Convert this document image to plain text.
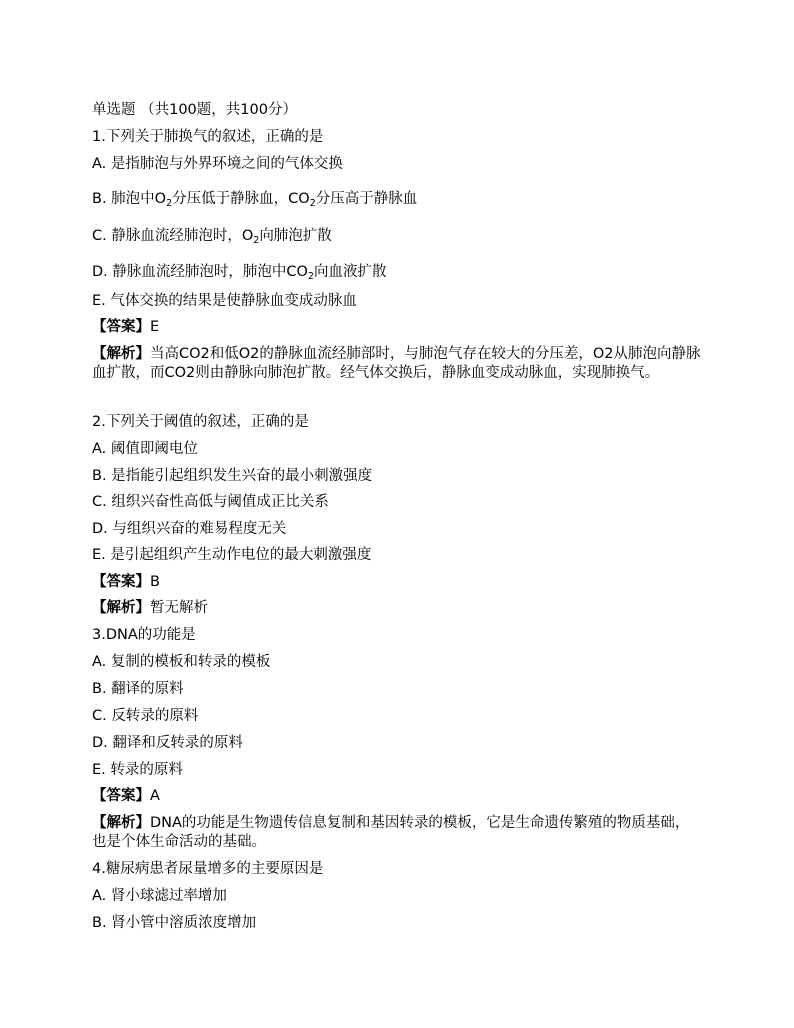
单选题 （共100题，共100分）
1.下列关于肺换气的叙述，正确的是
A. 是指肺泡与外界环境之间的气体交换
B. 肺泡中$O_2$分压低于静脉血，$CO_2$分压高于静脉血
C. 静脉血流经肺泡时，$O_2$向肺泡扩散
D. 静脉血流经肺泡时，肺泡中$CO_2$向血液扩散
E. 气体交换的结果是使静脉血变成动脉血
【答案】E
【解析】当高CO2和低O2的静脉血流经肺部时，与肺泡气存在较大的分压差，O2从肺泡向静脉血扩散，而CO2则由静脉向肺泡扩散。经气体交换后，静脉血变成动脉血，实现肺换气。
2.下列关于阈值的叙述，正确的是
A. 阈值即阈电位
B. 是指能引起组织发生兴奋的最小刺激强度
C. 组织兴奋性高低与阈值成正比关系
D. 与组织兴奋的难易程度无关
E. 是引起组织产生动作电位的最大刺激强度
【答案】B
【解析】暂无解析
3.DNA的功能是
A. 复制的模板和转录的模板
B. 翻译的原料
C. 反转录的原料
D. 翻译和反转录的原料
E. 转录的原料
【答案】A
【解析】DNA的功能是生物遗传信息复制和基因转录的模板，它是生命遗传繁殖的物质基础，也是个体生命活动的基础。
4.糖尿病患者尿量增多的主要原因是
A. 肾小球滤过率增加
B. 肾小管中溶质浓度增加
